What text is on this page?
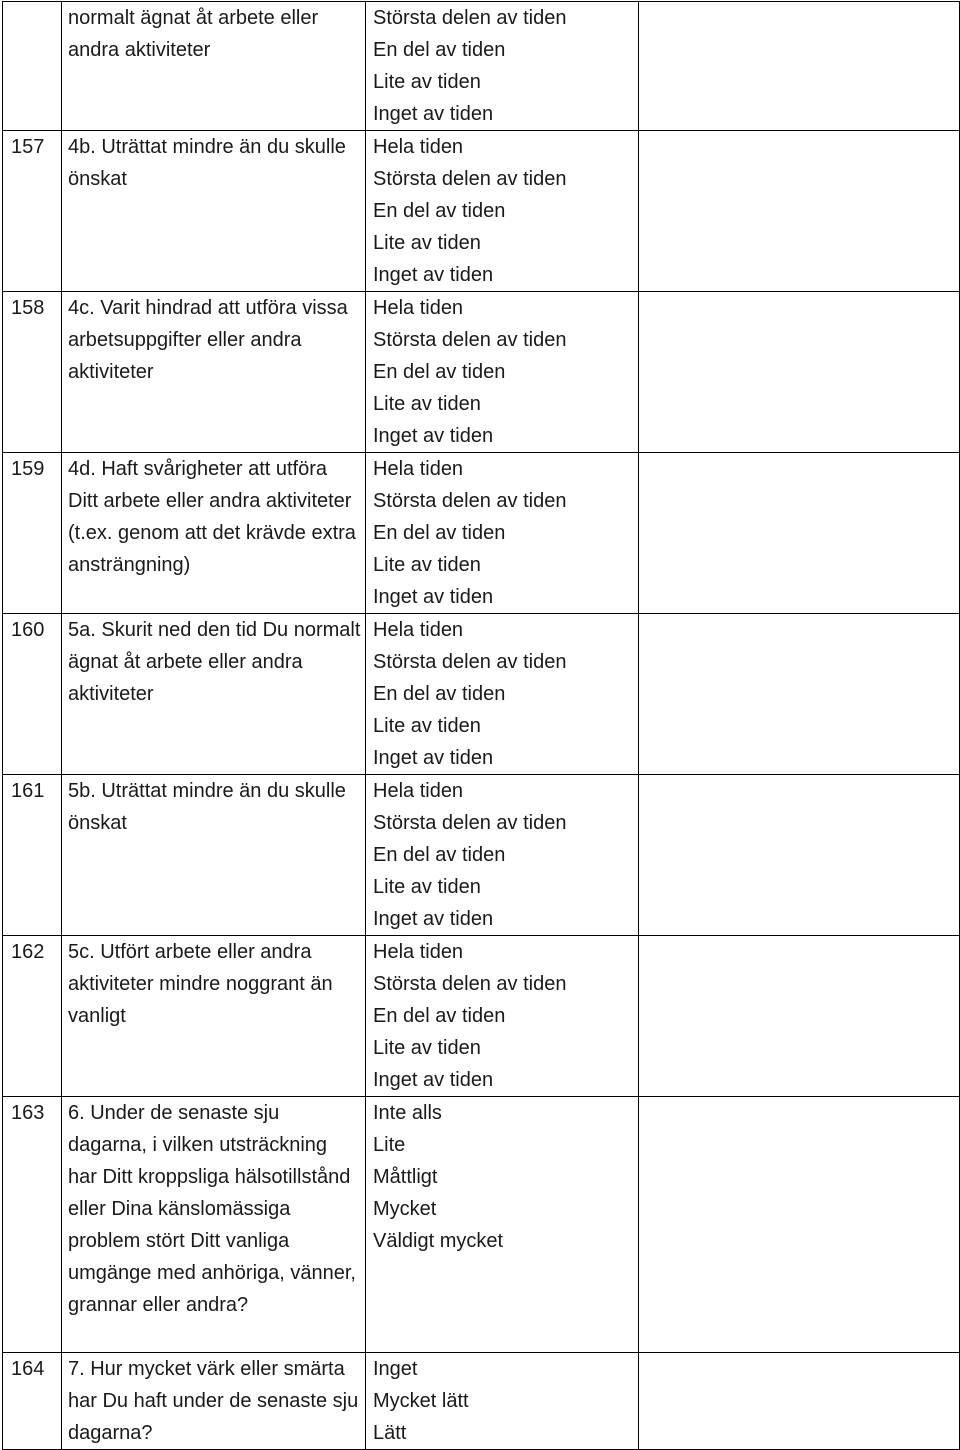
	normalt ägnat åt arbete eller andra aktiviteter	Största delen av tiden
En del av tiden
Lite av tiden
Inget av tiden	

157	4b. Uträttat mindre än du skulle önskat	Hela tiden
Största delen av tiden
En del av tiden
Lite av tiden
Inget av tiden	

158	4c. Varit hindrad att utföra vissa arbetsuppgifter eller andra aktiviteter	Hela tiden
Största delen av tiden
En del av tiden
Lite av tiden
Inget av tiden	

159	4d. Haft svårigheter att utföra Ditt arbete eller andra aktiviteter (t.ex. genom att det krävde extra ansträngning)	Hela tiden
Största delen av tiden
En del av tiden
Lite av tiden
Inget av tiden	

160	5a. Skurit ned den tid Du normalt ägnat åt arbete eller andra aktiviteter	Hela tiden
Största delen av tiden
En del av tiden
Lite av tiden
Inget av tiden	

161	5b. Uträttat mindre än du skulle önskat	Hela tiden
Största delen av tiden
En del av tiden
Lite av tiden
Inget av tiden	

162	5c. Utfört arbete eller andra aktiviteter mindre noggrant än vanligt	Hela tiden
Största delen av tiden
En del av tiden
Lite av tiden
Inget av tiden	

163	6. Under de senaste sju dagarna, i vilken utsträckning har Ditt kroppsliga hälsotillstånd eller Dina känslomässiga problem stört Ditt vanliga umgänge med anhöriga, vänner, grannar eller andra?	Inte alls
Lite
Måttligt
Mycket
Väldigt mycket	

164	7. Hur mycket värk eller smärta har Du haft under de senaste sju dagarna?	Inget
Mycket lätt
Lätt	
